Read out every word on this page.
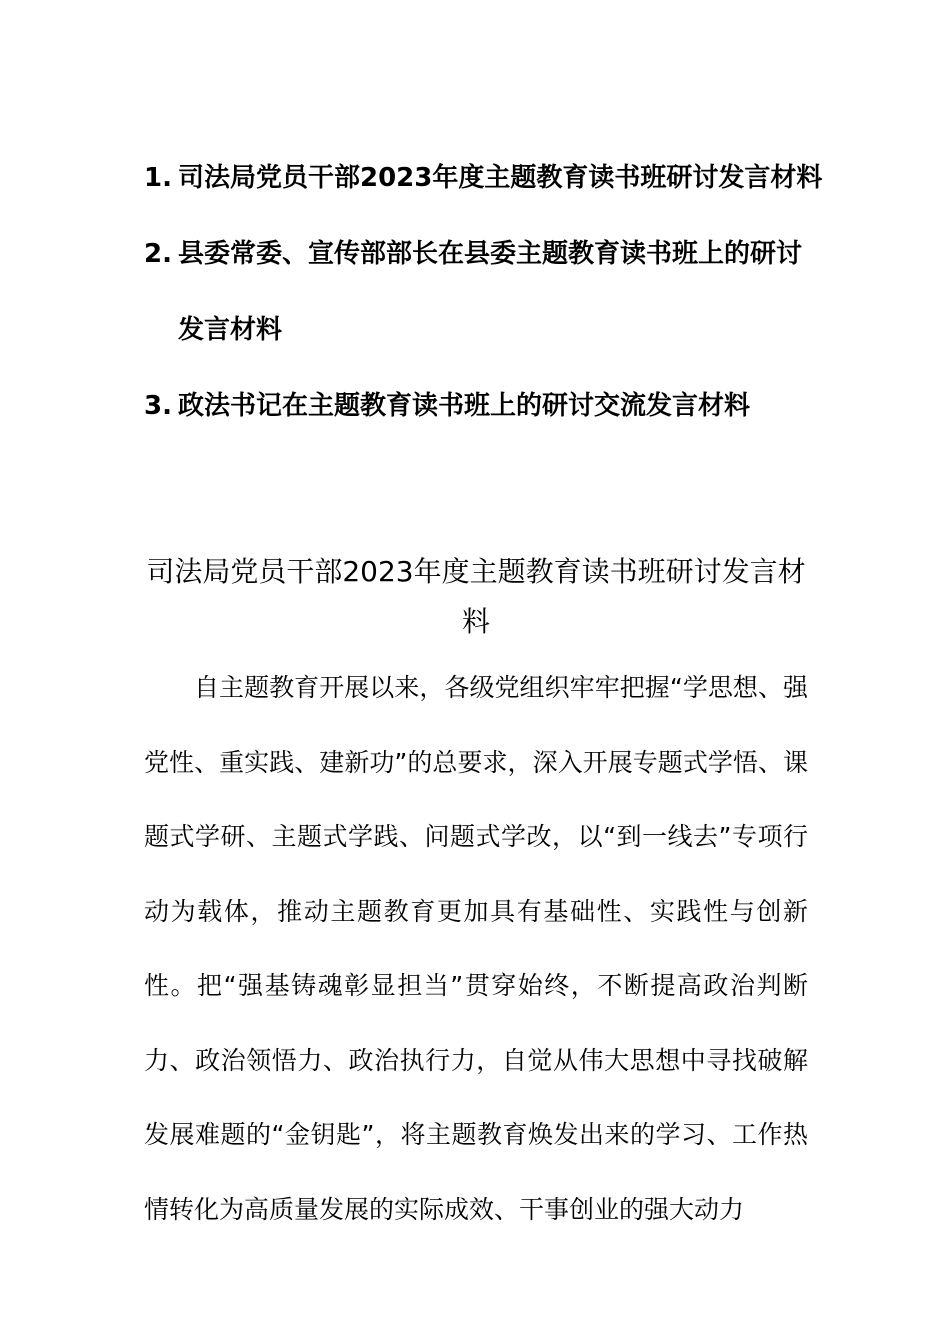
1. 司法局党员干部2023年度主题教育读书班研讨发言材料
2. 县委常委、宣传部部长在县委主题教育读书班上的研讨发言材料
3. 政法书记在主题教育读书班上的研讨交流发言材料
司法局党员干部2023年度主题教育读书班研讨发言材料

自主题教育开展以来，各级党组织牢牢把握“学思想、强党性、重实践、建新功”的总要求，深入开展专题式学悟、课题式学研、主题式学践、问题式学改，以“到一线去”专项行动为载体，推动主题教育更加具有基础性、实践性与创新性。把“强基铸魂彰显担当”贯穿始终，不断提高政治判断力、政治领悟力、政治执行力，自觉从伟大思想中寻找破解发展难题的“金钥匙”，将主题教育焕发出来的学习、工作热情转化为高质量发展的实际成效、干事创业的强大动力
